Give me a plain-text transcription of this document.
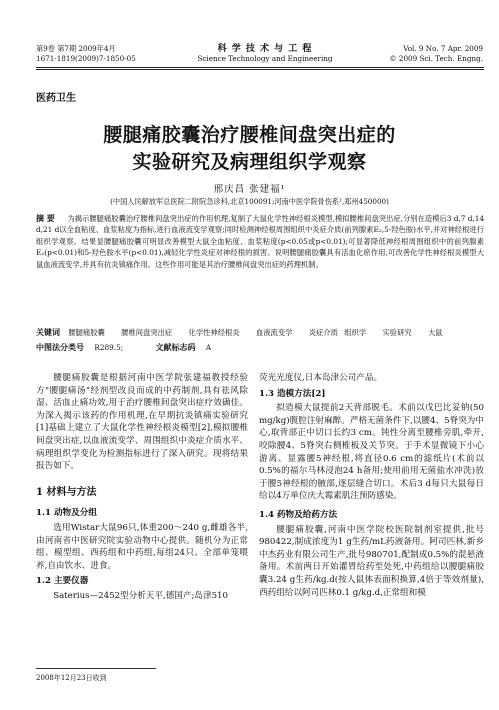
第9卷 第7期 2009年4月
1671-1819(2009)7-1850-05
科 学 技 术 与 工 程
Science Technology and Engineering
Vol. 9 No. 7 Apr. 2009
© 2009 Sci. Tech. Engng.
医药卫生
腰腿痛胶囊治疗腰椎间盘突出症的
实验研究及病理组织学观察
邢庆昌 张建福¹
(中国人民解放军总医院二附院急诊科,北京100091;河南中医学院骨伤系¹,郑州450000)
摘 要 为揭示腰腿痛胶囊治疗腰椎间盘突出症的作用机理,复制了大鼠化学性神经根炎模型,模拟腰椎间盘突出症,分别在造模后3 d,7 d,14 d,21 d以全血粘度、血浆粘度为指标,进行血液流变学观察;同时检测神经根周围组织中炎症介质(前列腺素E₂,5-羟色胺)水平,并对神经根进行组织学观察。结果显腰腿痛胶囊可明显改善模型大鼠全血粘度、血浆粘度(p<0.05或p<0.01);可显著降低神经根周围组织中的前列腺素E₂(p<0.01)和5-羟色胺水平(p<0.01),减轻化学性炎症对神经根的损害。说明腰腿痛胶囊具有活血化瘀作用,可改善化学性神经根炎模型大鼠血液流变学,并具有抗炎镇痛作用。这些作用可能是其治疗腰椎间盘突出症的药理机制。
关键词 腰腿痛胶囊 腰椎间盘突出症 化学性神经根炎 血液流变学 炎症介质 组织学 实验研究 大鼠
中图法分类号 R289.5;	文献标志码 A
腰腿痛胶囊是根据河南中医学院张建福教授经验方"腰腿痛汤"经剂型改良而成的中药制剂,具有祛风除湿、活血止痛功效,用于治疗腰椎间盘突出症疗效确佳。为深入揭示该药的作用机理,在早期抗炎镇痛实验研究[1]基础上建立了大鼠化学性神经根炎模型[2],模拟腰椎间盘突出症,以血液流变学、周围组织中炎症介质水平、病理组织学变化为检测指标进行了深入研究。现将结果报告如下。
1 材料与方法
1.1 动物及分组
选用Wistar大鼠96只,体重200～240 g,雌雄各半,由河南省中医研究院实验动物中心提供。随机分为正常组、模型组、西药组和中药组,每组24只。全部单笼喂养,自由饮水、进食。
1.2 主要仪器
Saterius—2452型分析天平,德国产;岛津510
2008年12月23日收到
荧光光度仪,日本岛津公司产品。
1.3 造模方法[2]
拟造模大鼠提前2天背部脱毛。术前以戊巴比妥钠(50 mg/kg)腹腔注射麻醉。严格无菌条件下,以腰4、5脊突为中心,取背部正中切口长约3 cm。钝性分离至腰椎旁肌,牵开,咬除腰4、5脊突右侧椎板及关节突。于手术显微镜下小心游离、显露腰5神经根,将直径0.6 cm的滤纸片(术前以0.5%的福尔马林浸泡24 h备用;使用前用无菌盐水冲洗)放于腰5神经根的腋部,逐层缝合切口。术后3 d每只大鼠每日给以4万单位庆大霉素肌注预防感染。
1.4 药物及给药方法
腰腿痛胶囊,河南中医学院校医院制剂室提供,批号980422,制成浓度为1 g生药/mL药液备用。阿司匹林,新乡中杰药业有限公司生产,批号980701,配制成0.5%的混悬液备用。术前两日开始灌胃给药至处死,中药组给以腰腿痛胶囊3.24 g生药/kg.d(按人鼠体表面积换算,4倍于等效剂量),西药组给以阿司匹林0.1 g/kg.d,正常组和模
